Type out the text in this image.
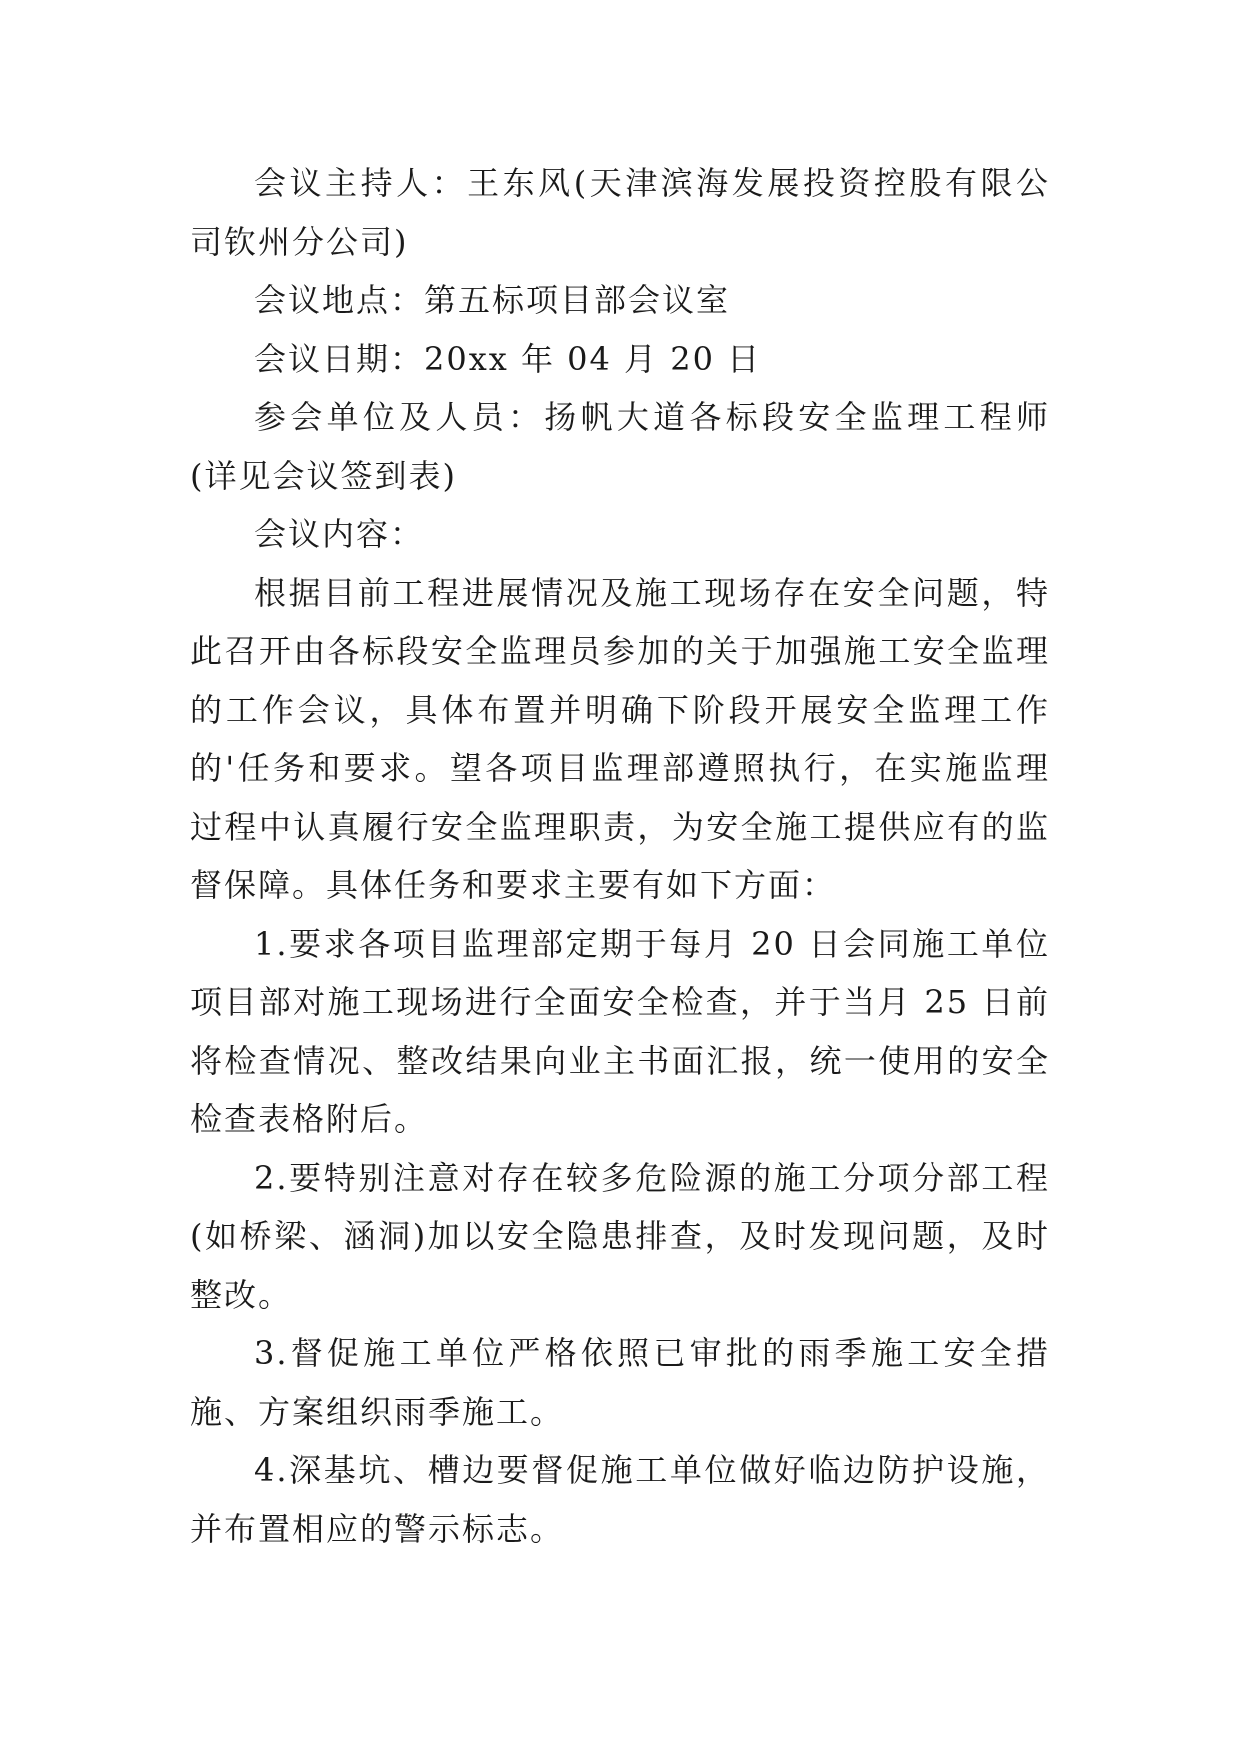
会议主持人：王东风(天津滨海发展投资控股有限公司钦州分公司)

会议地点：第五标项目部会议室

会议日期：20xx 年 04 月 20 日

参会单位及人员：扬帆大道各标段安全监理工程师(详见会议签到表)

会议内容：

根据目前工程进展情况及施工现场存在安全问题，特此召开由各标段安全监理员参加的关于加强施工安全监理的工作会议，具体布置并明确下阶段开展安全监理工作的'任务和要求。望各项目监理部遵照执行，在实施监理过程中认真履行安全监理职责，为安全施工提供应有的监督保障。具体任务和要求主要有如下方面：

1.要求各项目监理部定期于每月 20 日会同施工单位项目部对施工现场进行全面安全检查，并于当月 25 日前将检查情况、整改结果向业主书面汇报，统一使用的安全检查表格附后。

2.要特别注意对存在较多危险源的施工分项分部工程(如桥梁、涵洞)加以安全隐患排查，及时发现问题，及时整改。

3.督促施工单位严格依照已审批的雨季施工安全措施、方案组织雨季施工。

4.深基坑、槽边要督促施工单位做好临边防护设施，并布置相应的警示标志。
